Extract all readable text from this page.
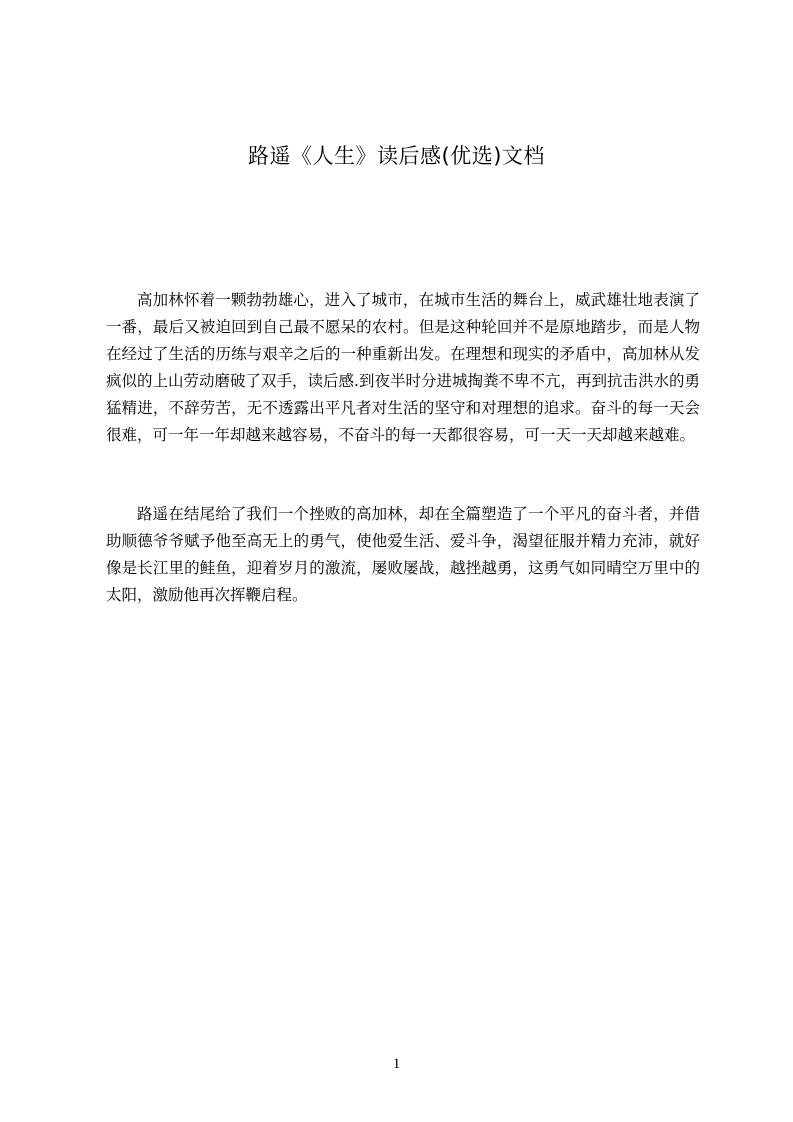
路遥《人生》读后感(优选)文档

高加林怀着一颗勃勃雄心，进入了城市，在城市生活的舞台上，威武雄壮地表演了一番，最后又被迫回到自己最不愿呆的农村。但是这种轮回并不是原地踏步，而是人物在经过了生活的历练与艰辛之后的一种重新出发。在理想和现实的矛盾中，高加林从发疯似的上山劳动磨破了双手，读后感.到夜半时分进城掏粪不卑不亢，再到抗击洪水的勇猛精进，不辞劳苦，无不透露出平凡者对生活的坚守和对理想的追求。奋斗的每一天会很难，可一年一年却越来越容易，不奋斗的每一天都很容易，可一天一天却越来越难。

路遥在结尾给了我们一个挫败的高加林，却在全篇塑造了一个平凡的奋斗者，并借助顺德爷爷赋予他至高无上的勇气，使他爱生活、爱斗争，渴望征服并精力充沛，就好像是长江里的鲑鱼，迎着岁月的激流，屡败屡战，越挫越勇，这勇气如同晴空万里中的太阳，激励他再次挥鞭启程。

1
